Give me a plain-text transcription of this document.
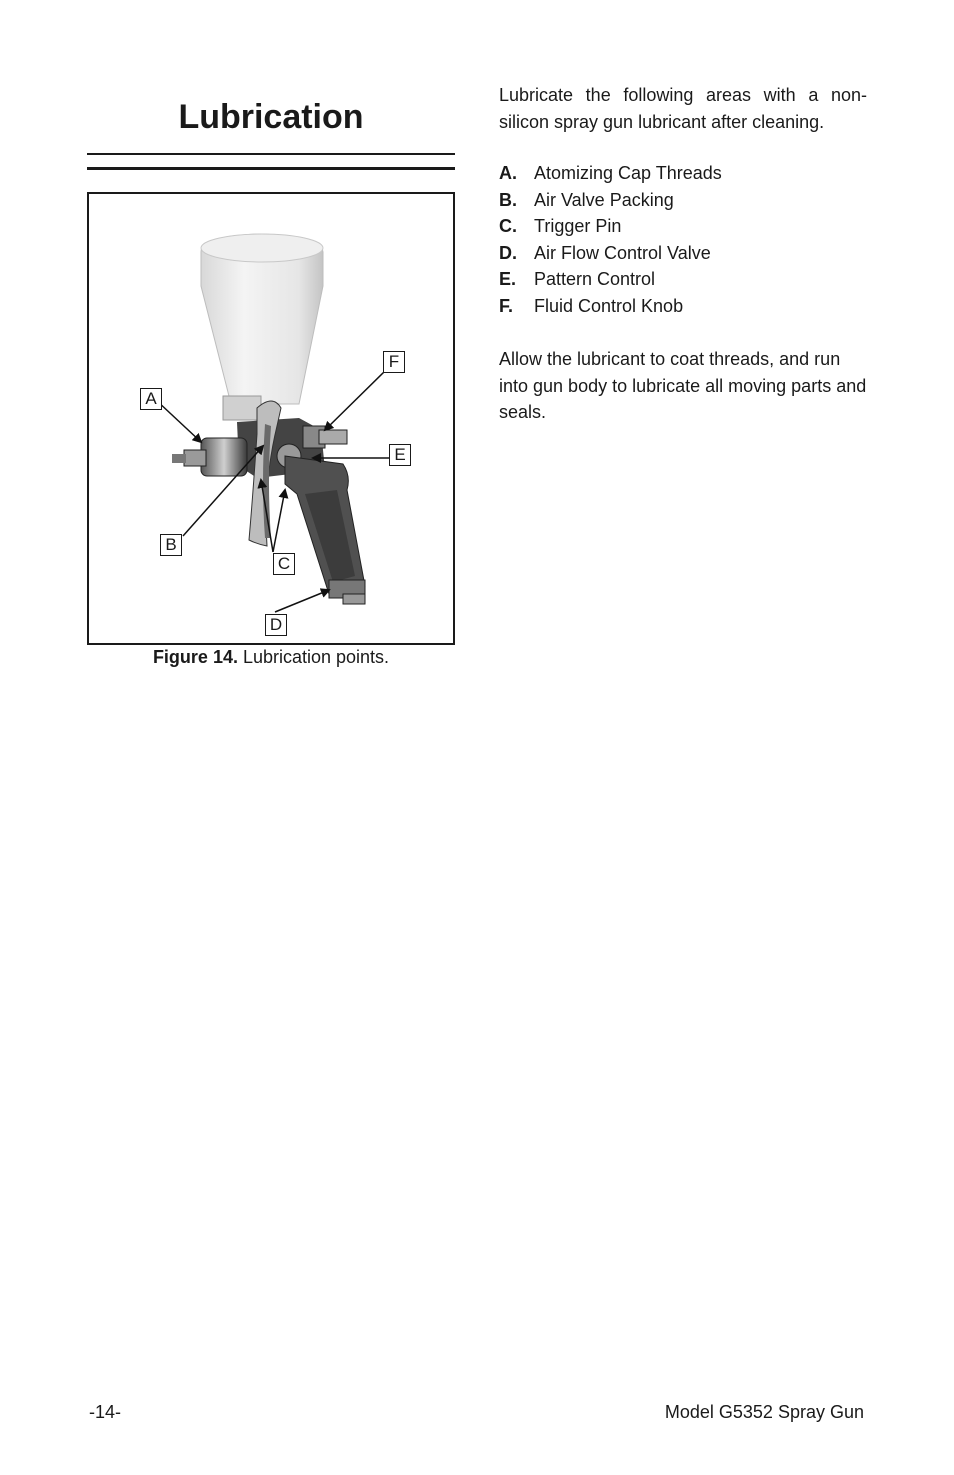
Lubrication
A
B
C
D
E
F
Figure 14. Lubrication points.
Lubricate the following areas with a non-silicon spray gun lubricant after cleaning.
A. Atomizing Cap Threads
B. Air Valve Packing
C. Trigger Pin
D. Air Flow Control Valve
E. Pattern Control
F. Fluid Control Knob
Allow the lubricant to coat threads, and run into gun body to lubricate all moving parts and seals.
-14-	Model G5352 Spray Gun
